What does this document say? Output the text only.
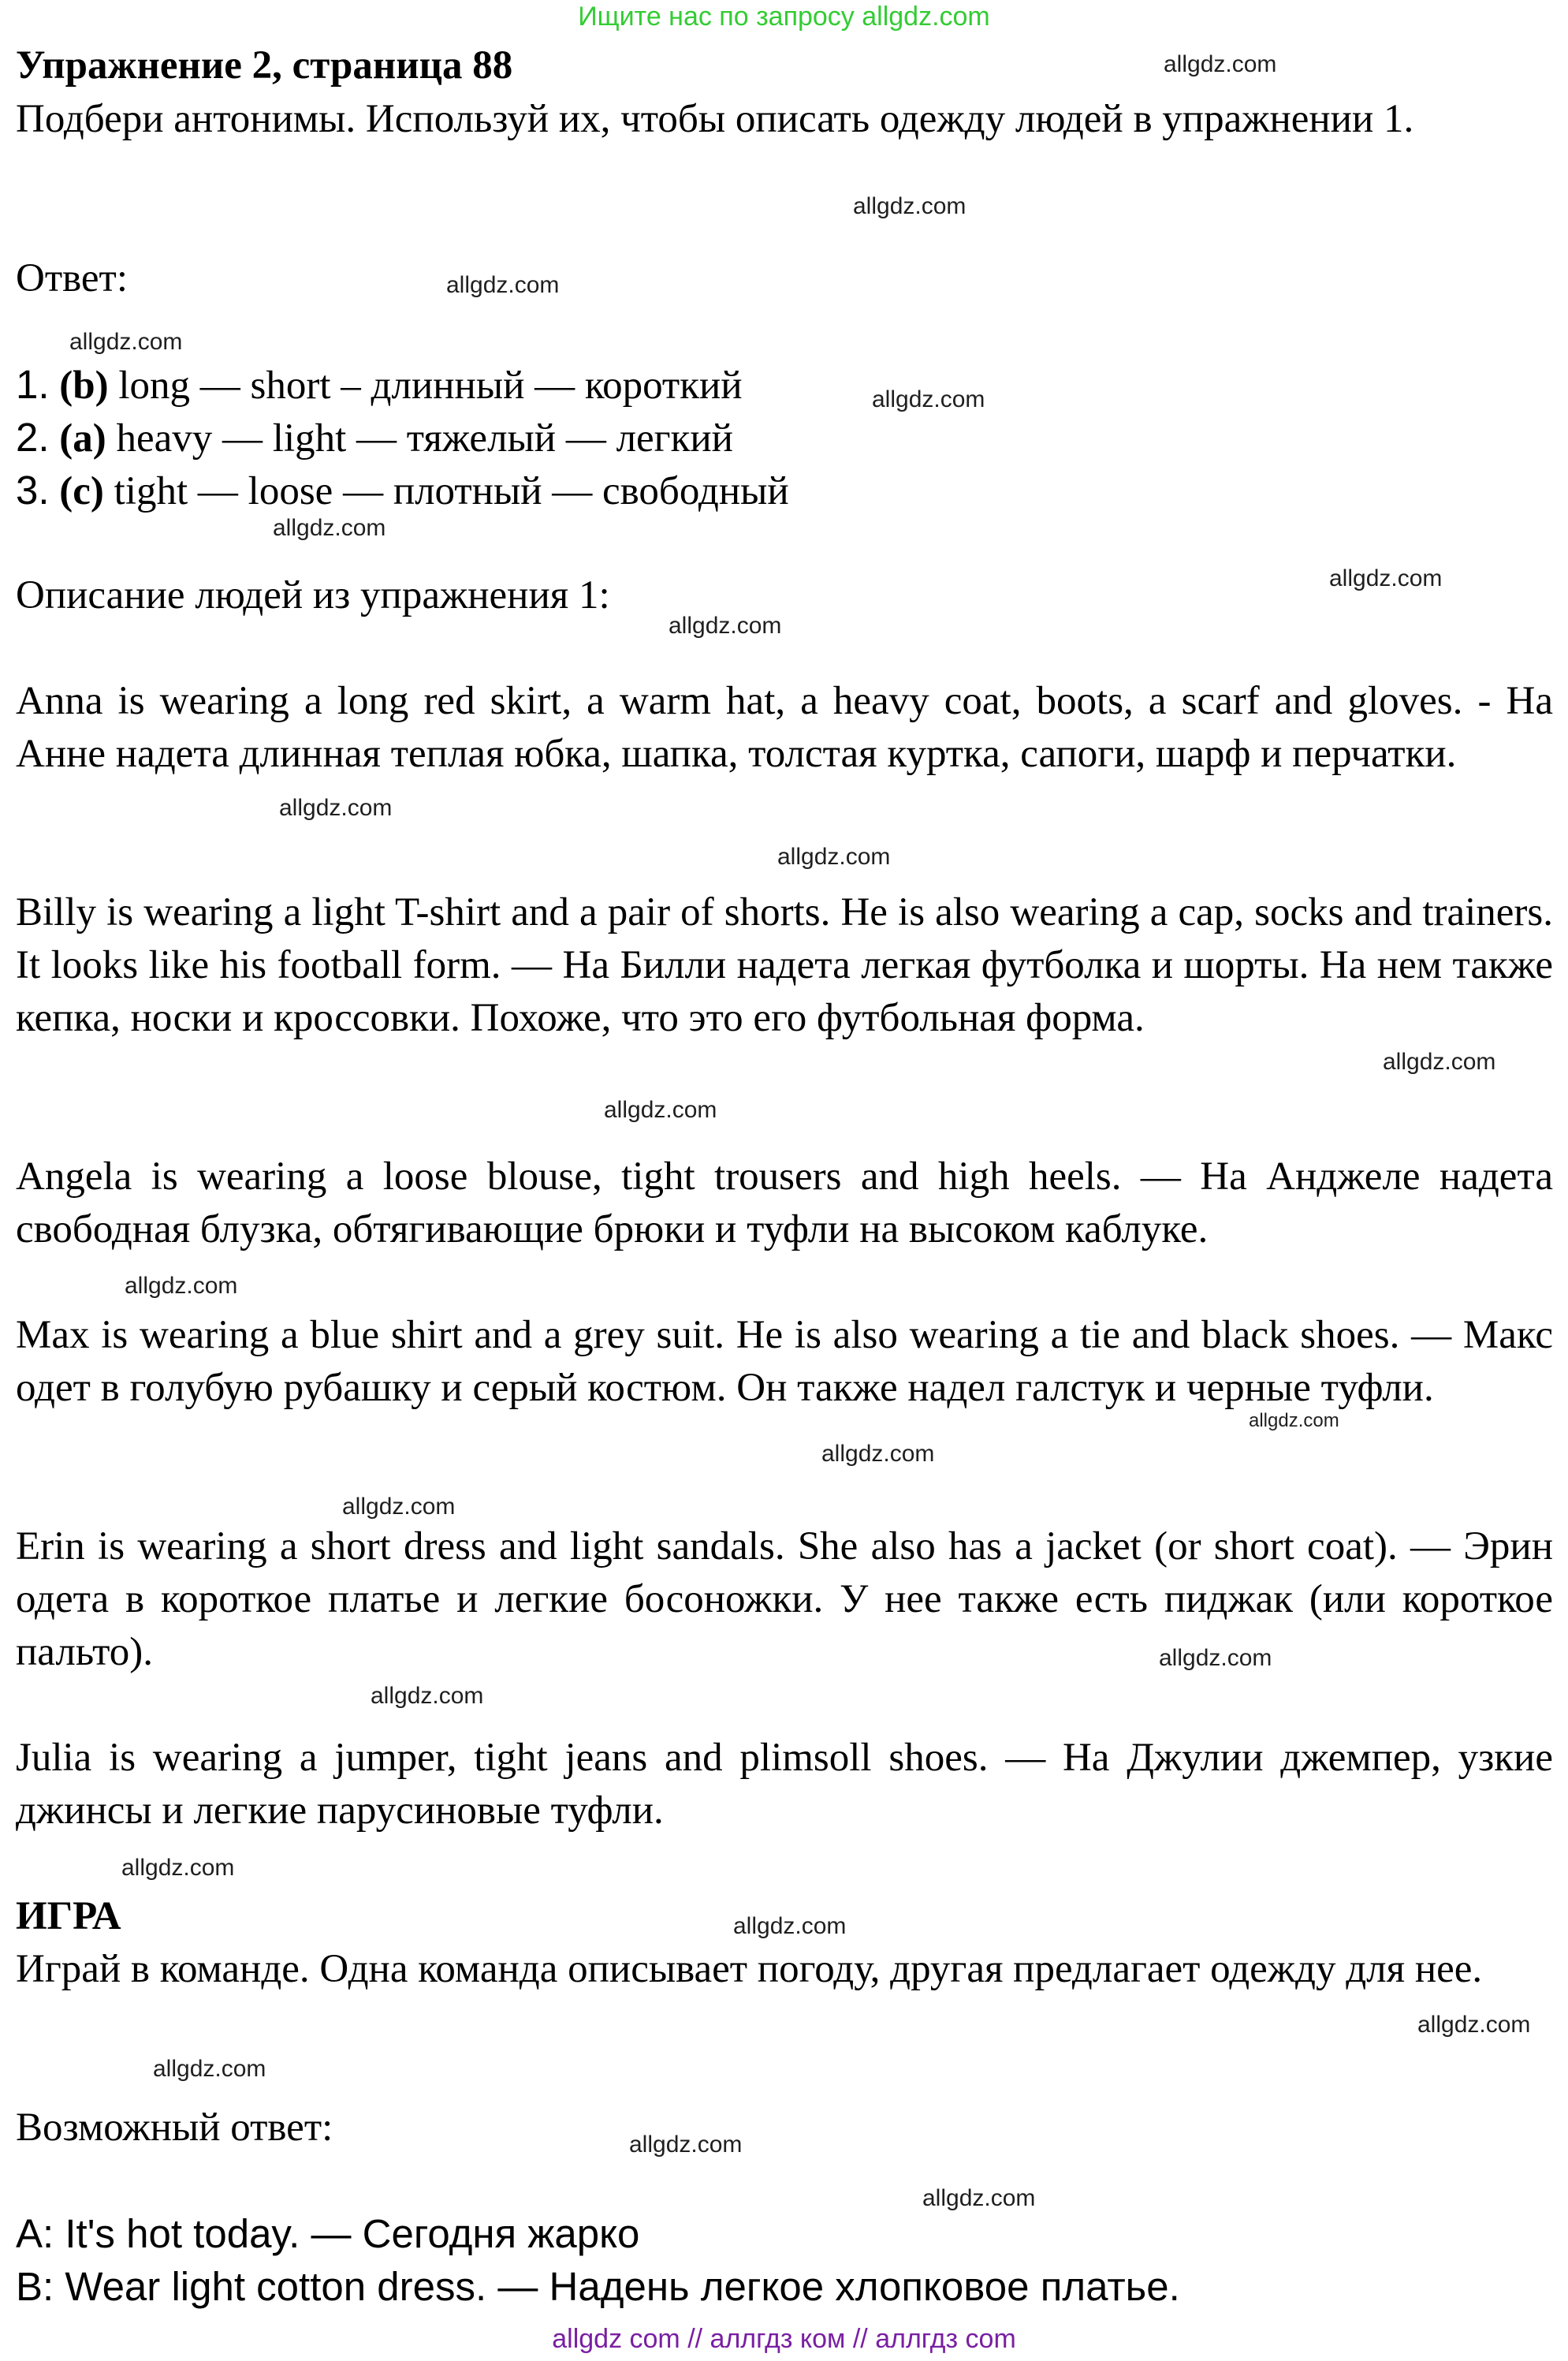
Ищите нас по запросу allgdz.com
Упражнение 2, страница 88
Подбери антонимы. Используй их, чтобы описать одежду людей в упражнении 1.
Ответ:
1. (b) long — short – длинный — короткий
2. (a) heavy — light — тяжелый — легкий
3. (c) tight — loose — плотный — свободный
Описание людей из упражнения 1:
Anna is wearing a long red skirt, a warm hat, a heavy coat, boots, a scarf and gloves. - На Анне надета длинная теплая юбка, шапка, толстая куртка, сапоги, шарф и перчатки.
Billy is wearing a light T-shirt and a pair of shorts. He is also wearing a cap, socks and trainers. It looks like his football form. — На Билли надета легкая футболка и шорты. На нем также кепка, носки и кроссовки. Похоже, что это его футбольная форма.
Angela is wearing a loose blouse, tight trousers and high heels. — На Анджеле надета свободная блузка, обтягивающие брюки и туфли на высоком каблуке.
Max is wearing a blue shirt and a grey suit. He is also wearing a tie and black shoes. — Макс одет в голубую рубашку и серый костюм. Он также надел галстук и черные туфли.
Erin is wearing a short dress and light sandals. She also has a jacket (or short coat). — Эрин одета в короткое платье и легкие босоножки. У нее также есть пиджак (или короткое пальто).
Julia is wearing a jumper, tight jeans and plimsoll shoes. — На Джулии джемпер, узкие джинсы и легкие парусиновые туфли.
ИГРА
Играй в команде. Одна команда описывает погоду, другая предлагает одежду для нее.
Возможный ответ:
A: It's hot today. — Сегодня жарко
B: Wear light cotton dress. — Надень легкое хлопковое платье.
allgdz.com
allgdz.com
allgdz.com
allgdz.com
allgdz.com
allgdz.com
allgdz.com
allgdz.com
allgdz.com
allgdz.com
allgdz.com
allgdz.com
allgdz.com
allgdz.com
allgdz.com
allgdz.com
allgdz.com
allgdz.com
allgdz.com
allgdz.com
allgdz.com
allgdz.com
allgdz.com
allgdz.com
allgdz com // аллгдз ком // аллгдз com
